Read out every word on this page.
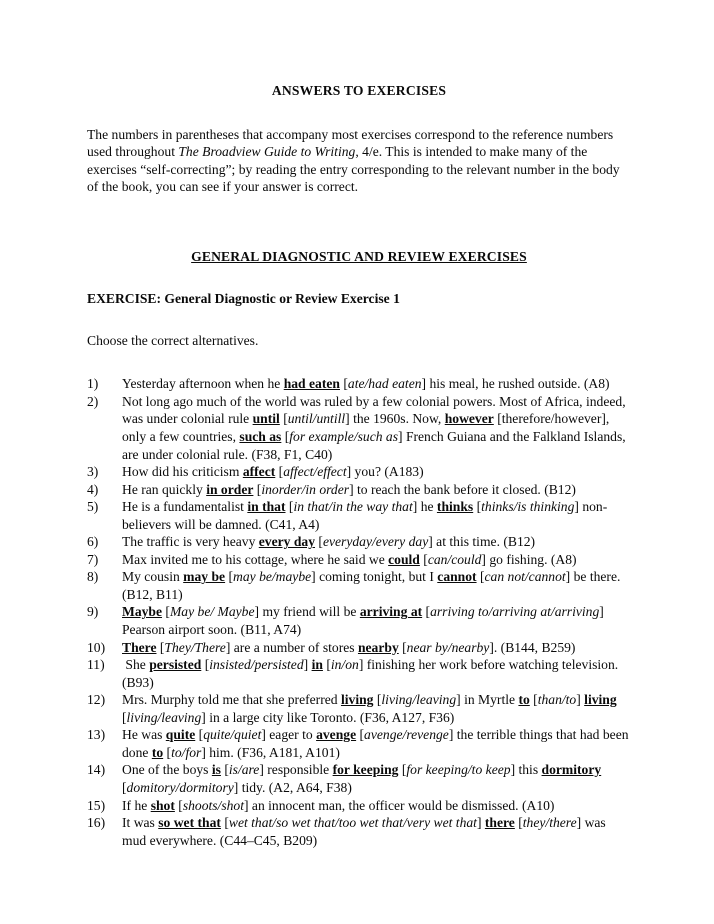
ANSWERS TO EXERCISES

The numbers in parentheses that accompany most exercises correspond to the reference numbers used throughout The Broadview Guide to Writing, 4/e. This is intended to make many of the exercises “self-correcting”; by reading the entry corresponding to the relevant number in the body of the book, you can see if your answer is correct.

GENERAL DIAGNOSTIC AND REVIEW EXERCISES
EXERCISE: General Diagnostic or Review Exercise 1

Choose the correct alternatives.

1)	Yesterday afternoon when he had eaten [ate/had eaten] his meal, he rushed outside. (A8)

2)	Not long ago much of the world was ruled by a few colonial powers. Most of Africa, indeed, was under colonial rule until [until/untill] the 1960s. Now, however [therefore/however], only a few countries, such as [for example/such as] French Guiana and the Falkland Islands, are under colonial rule. (F38, F1, C40)

3)	How did his criticism affect [affect/effect] you? (A183)

4)	He ran quickly in order [inorder/in order] to reach the bank before it closed. (B12)

5)	He is a fundamentalist in that [in that/in the way that] he thinks [thinks/is thinking] non-believers will be damned. (C41, A4)

6)	The traffic is very heavy every day [everyday/every day] at this time. (B12)

7)	Max invited me to his cottage, where he said we could [can/could] go fishing. (A8)

8)	My cousin may be [may be/maybe] coming tonight, but I cannot [can not/cannot] be there. (B12, B11)

9)	Maybe [May be/ Maybe] my friend will be arriving at [arriving to/arriving at/arriving] Pearson airport soon. (B11, A74)

10)	There [They/There] are a number of stores nearby [near by/nearby]. (B144, B259)

11)	She persisted [insisted/persisted] in [in/on] finishing her work before watching television. (B93)

12)	Mrs. Murphy told me that she preferred living [living/leaving] in Myrtle to [than/to] living [living/leaving] in a large city like Toronto. (F36, A127, F36)

13)	He was quite [quite/quiet] eager to avenge [avenge/revenge] the terrible things that had been done to [to/for] him. (F36, A181, A101)

14)	One of the boys is [is/are] responsible for keeping [for keeping/to keep] this dormitory [domitory/dormitory] tidy. (A2, A64, F38)

15)	If he shot [shoots/shot] an innocent man, the officer would be dismissed. (A10)

16)	It was so wet that [wet that/so wet that/too wet that/very wet that] there [they/there] was mud everywhere. (C44–C45, B209)
